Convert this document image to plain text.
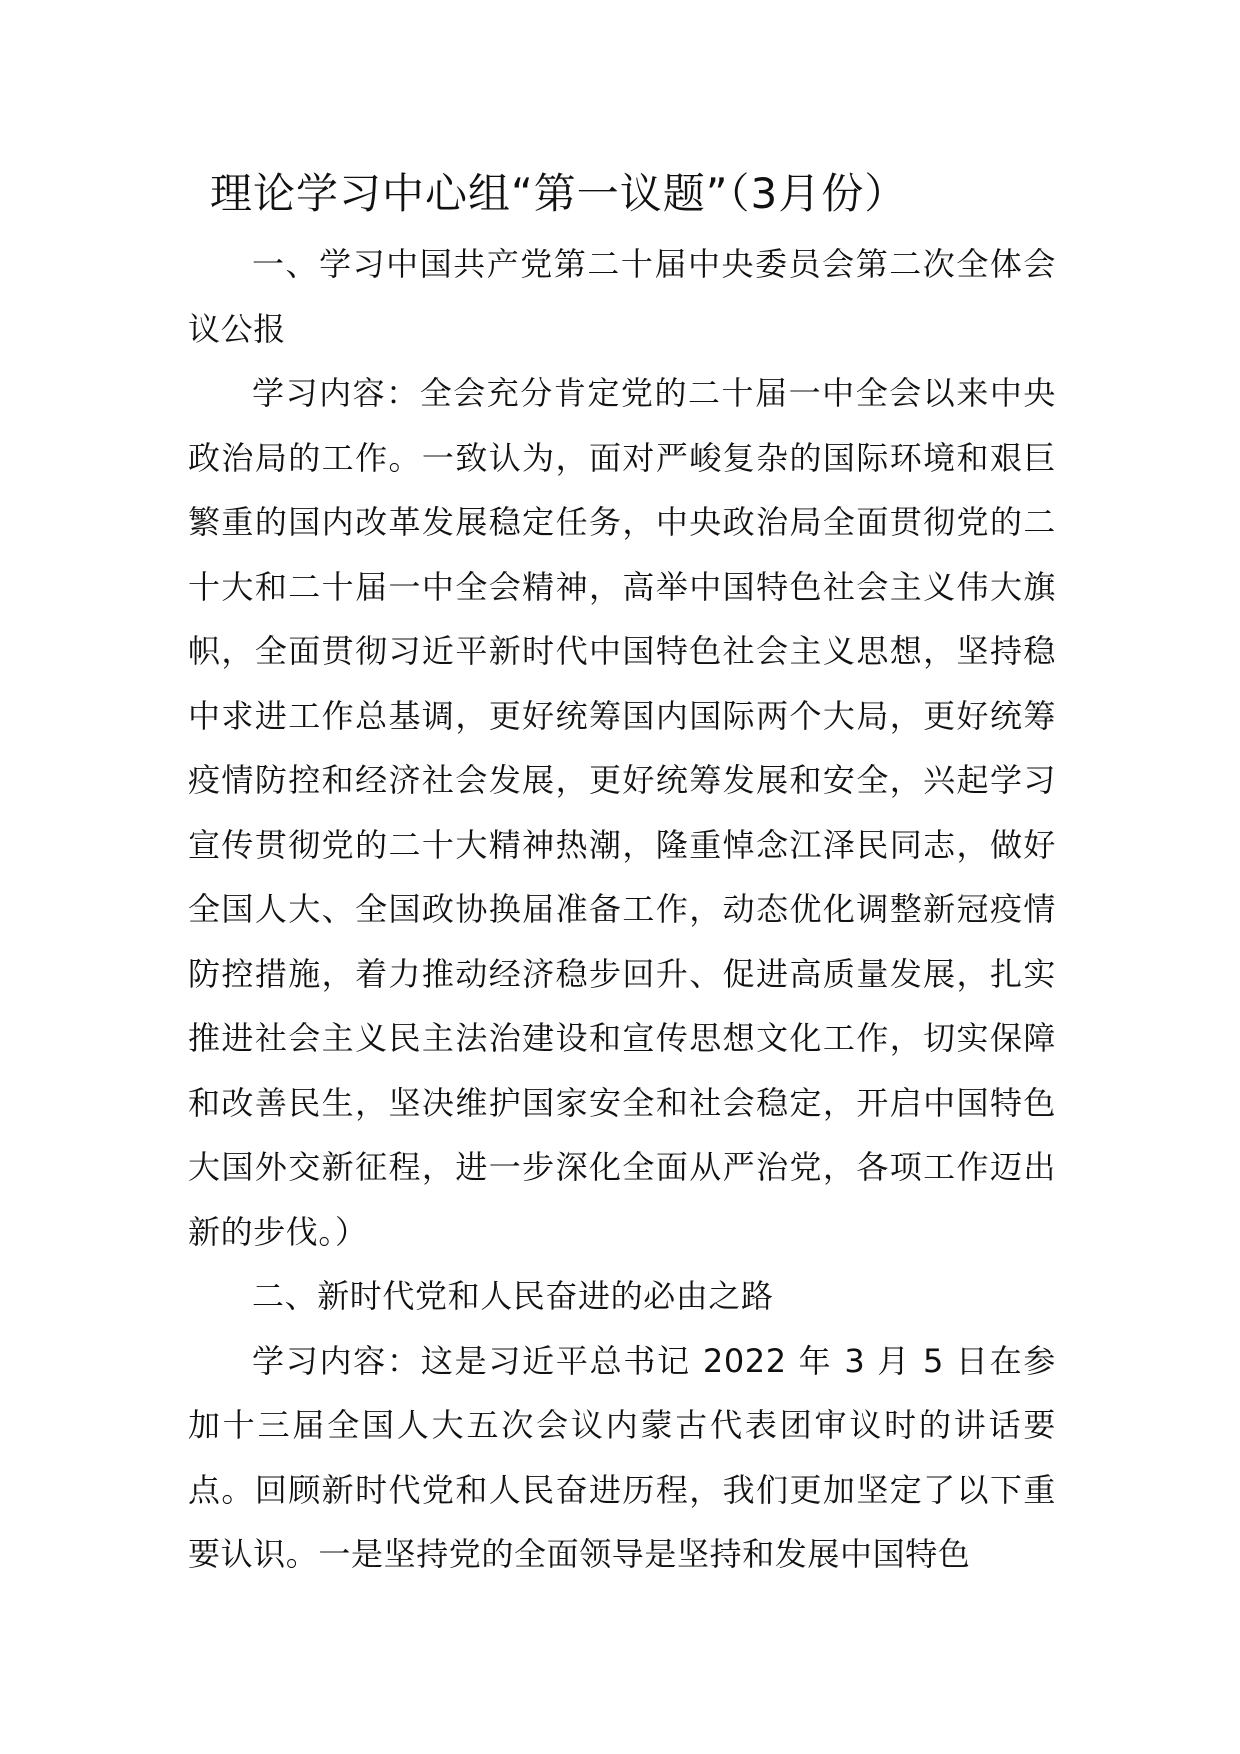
理论学习中心组“第一议题”（3月份）

一、学习中国共产党第二十届中央委员会第二次全体会议公报

学习内容：全会充分肯定党的二十届一中全会以来中央政治局的工作。一致认为，面对严峻复杂的国际环境和艰巨繁重的国内改革发展稳定任务，中央政治局全面贯彻党的二十大和二十届一中全会精神，高举中国特色社会主义伟大旗帜，全面贯彻习近平新时代中国特色社会主义思想，坚持稳中求进工作总基调，更好统筹国内国际两个大局，更好统筹疫情防控和经济社会发展，更好统筹发展和安全，兴起学习宣传贯彻党的二十大精神热潮，隆重悼念江泽民同志，做好全国人大、全国政协换届准备工作，动态优化调整新冠疫情防控措施，着力推动经济稳步回升、促进高质量发展，扎实推进社会主义民主法治建设和宣传思想文化工作，切实保障和改善民生，坚决维护国家安全和社会稳定，开启中国特色大国外交新征程，进一步深化全面从严治党，各项工作迈出新的步伐。）

二、新时代党和人民奋进的必由之路

学习内容：这是习近平总书记 2022 年 3 月 5 日在参加十三届全国人大五次会议内蒙古代表团审议时的讲话要点。回顾新时代党和人民奋进历程，我们更加坚定了以下重要认识。一是坚持党的全面领导是坚持和发展中国特色
